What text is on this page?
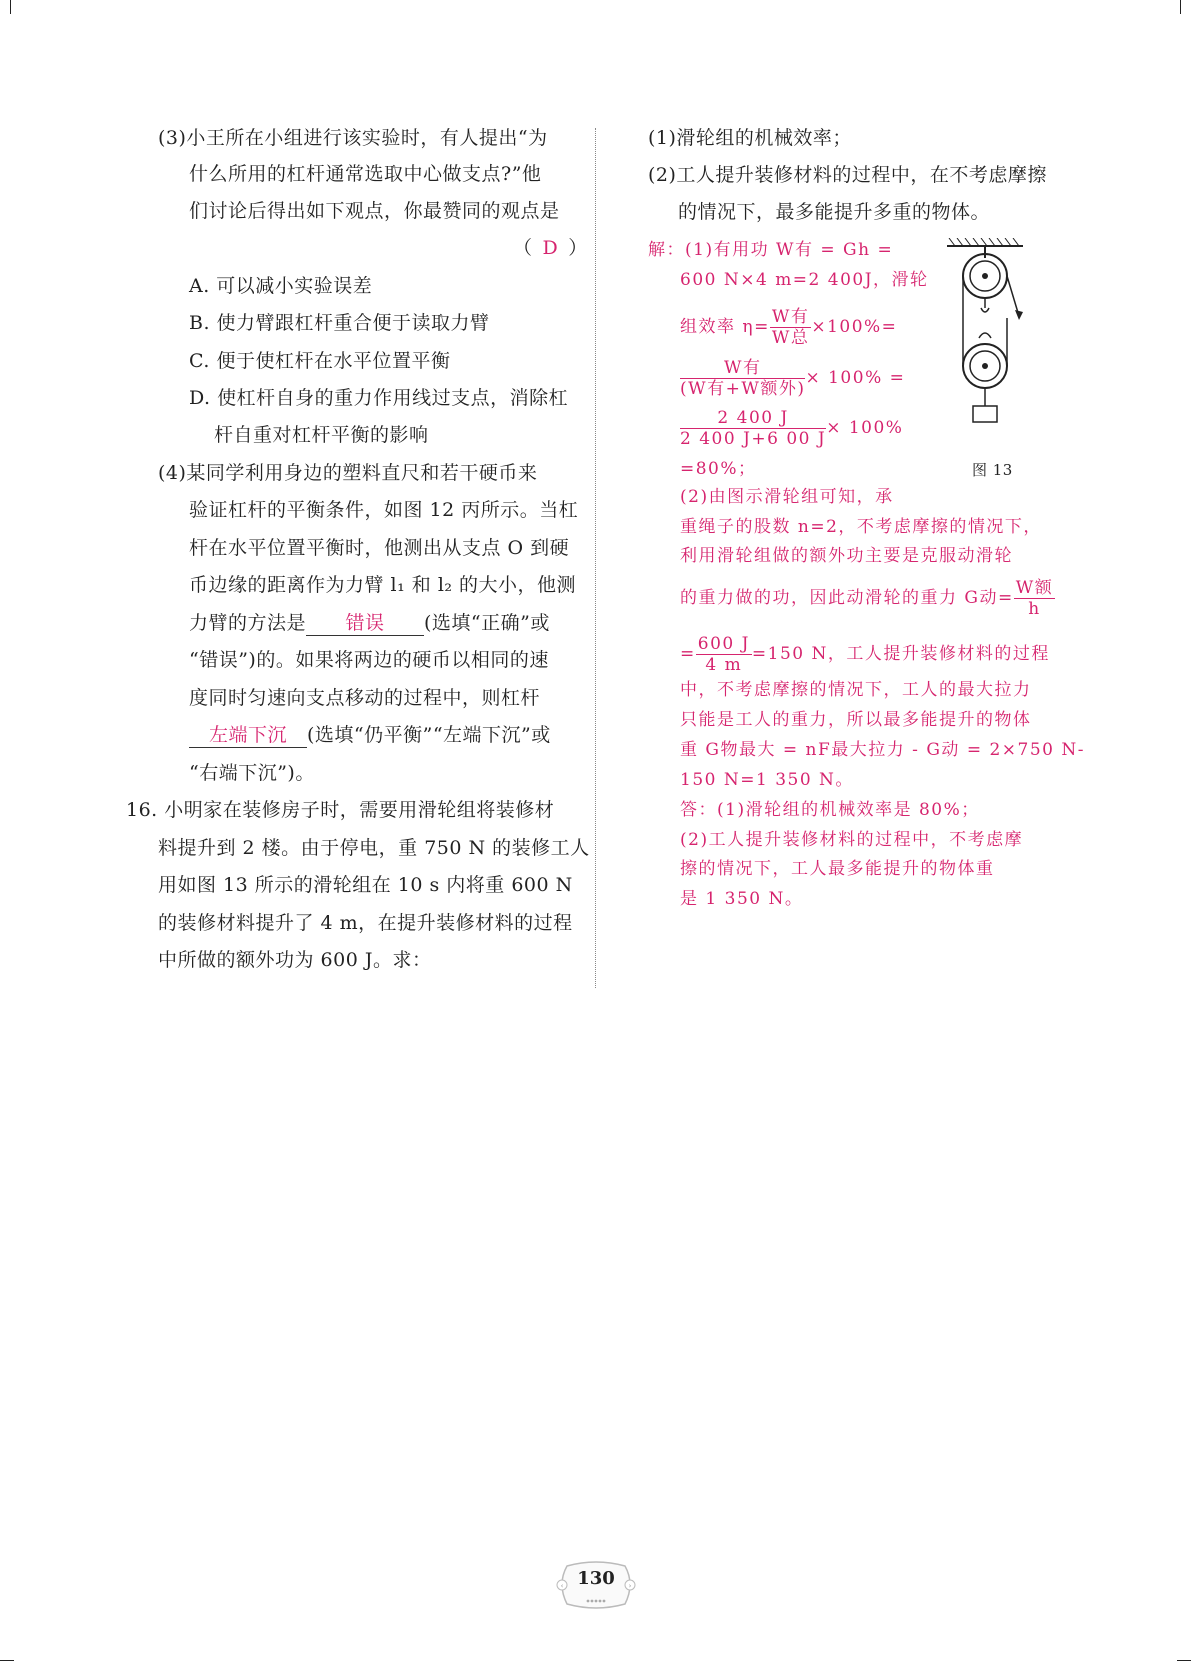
(3)小王所在小组进行该实验时，有人提出“为
什么所用的杠杆通常选取中心做支点?”他
们讨论后得出如下观点，你最赞同的观点是
（ D ）
A. 可以减小实验误差
B. 使力臂跟杠杆重合便于读取力臂
C. 便于使杠杆在水平位置平衡
D. 使杠杆自身的重力作用线过支点，消除杠
杆自重对杠杆平衡的影响
(4)某同学利用身边的塑料直尺和若干硬币来
验证杠杆的平衡条件，如图 12 丙所示。当杠
杆在水平位置平衡时，他测出从支点 O 到硬
币边缘的距离作为力臂 l₁ 和 l₂ 的大小，他测
力臂的方法是 错误 (选填“正确”或
“错误”)的。如果将两边的硬币以相同的速
度同时匀速向支点移动的过程中，则杠杆
左端下沉 (选填“仍平衡”“左端下沉”或
“右端下沉”)。
16. 小明家在装修房子时，需要用滑轮组将装修材
料提升到 2 楼。由于停电，重 750 N 的装修工人
用如图 13 所示的滑轮组在 10 s 内将重 600 N
的装修材料提升了 4 m，在提升装修材料的过程
中所做的额外功为 600 J。求：
(1)滑轮组的机械效率；
(2)工人提升装修材料的过程中，在不考虑摩擦
的情况下，最多能提升多重的物体。
解：(1)有用功 W有 = Gh =
600 N×4 m=2 400J，滑轮
组效率 $\eta= \frac{\text{W有}}{\text{W总}} \times 100\%=$
$\frac{\text{W有}}{\text{(W有+W额外)}} \times 100\%$ =
$\frac{2 400 J}{2 400 J+6 00 J} \times 100\%$
=80%；
(2)由图示滑轮组可知，承
重绳子的股数 n=2，不考虑摩擦的情况下，
利用滑轮组做的额外功主要是克服动滑轮
的重力做的功，因此动滑轮的重力 G动= $\frac{\text{W额}}{h}$
= $\frac{600 J}{4 m} =150$ N，工人提升装修材料的过程
中，不考虑摩擦的情况下，工人的最大拉力
只能是工人的重力，所以最多能提升的物体
重 G物最大 = nF最大拉力 - G动 = 2×750 N-
150 N=1 350 N。
答：(1)滑轮组的机械效率是 80%；
(2)工人提升装修材料的过程中，不考虑摩
擦的情况下，工人最多能提升的物体重
是 1 350 N。
图 13
‹	›
130
